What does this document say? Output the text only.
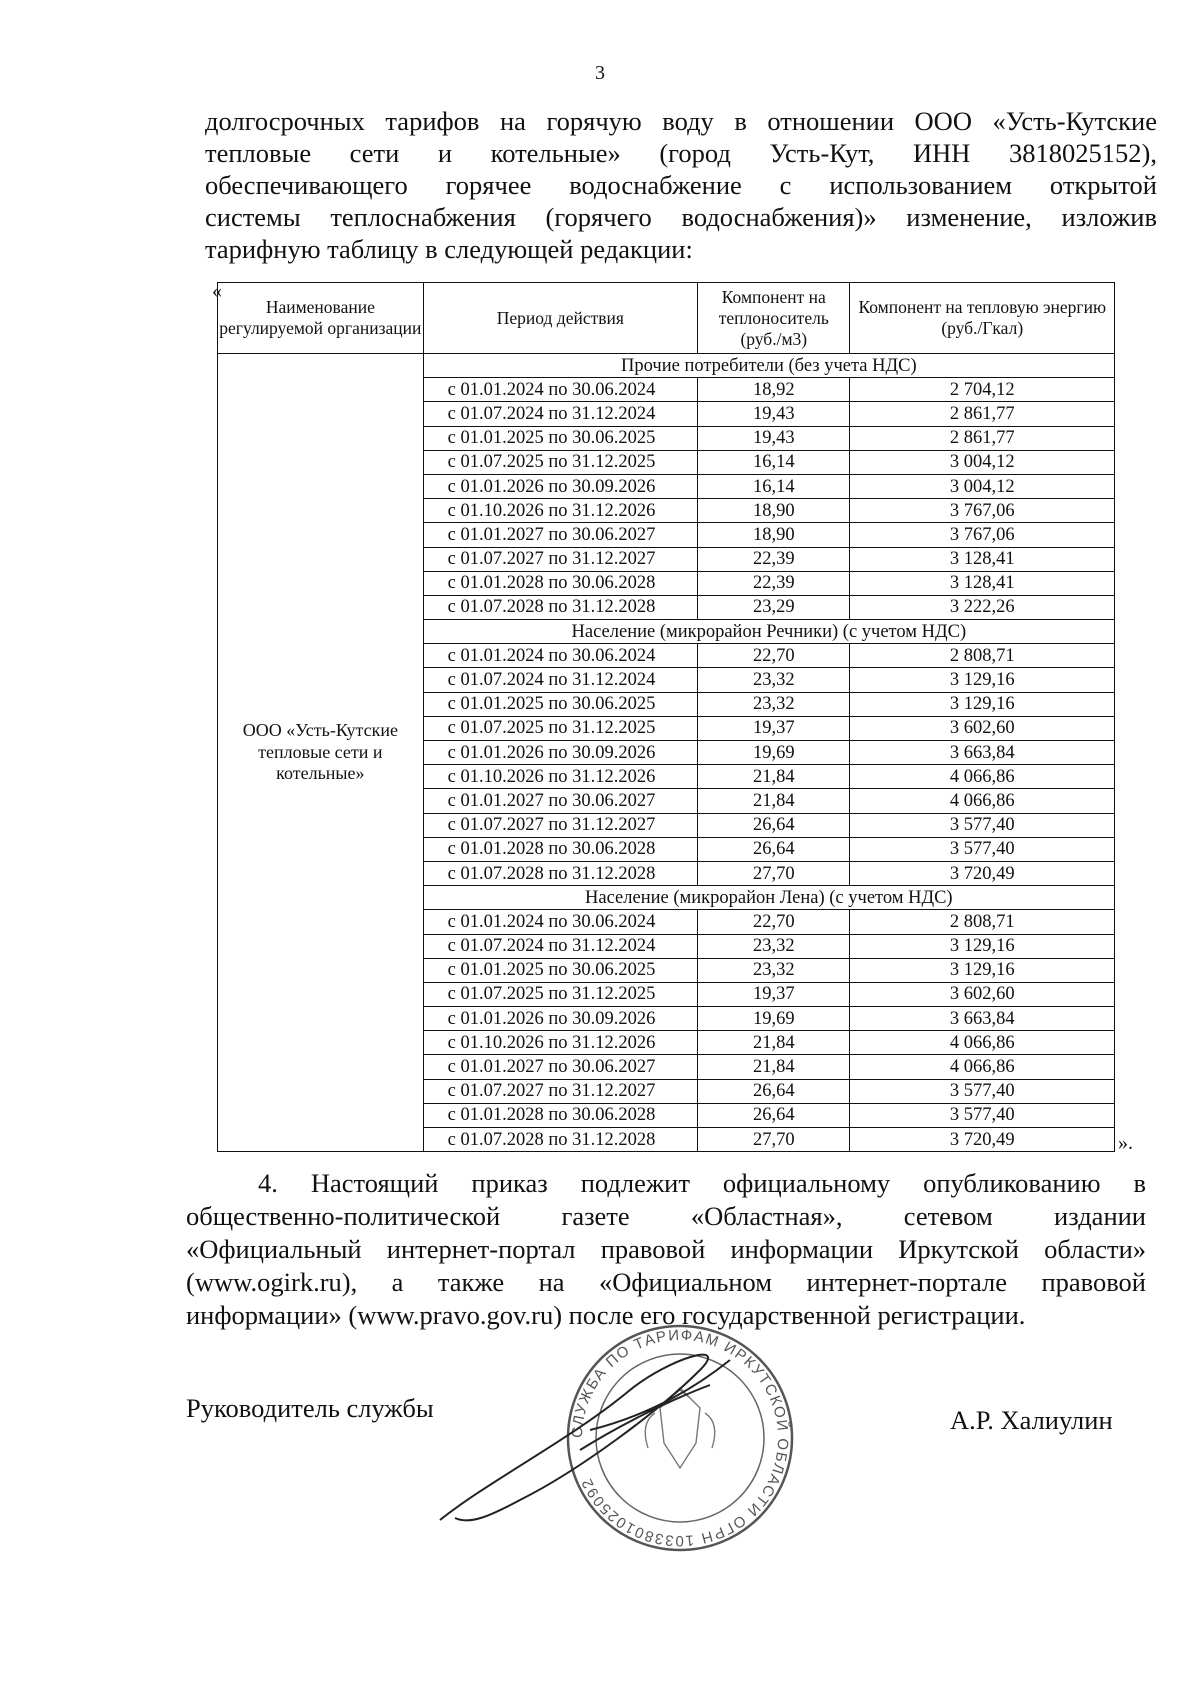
3
долгосрочных тарифов на горячую воду в отношении ООО «Усть-Кутские
тепловые сети и котельные» (город Усть-Кут, ИНН 3818025152),
обеспечивающего горячее водоснабжение с использованием открытой
системы теплоснабжения (горячего водоснабжения)» изменение, изложив
тарифную таблицу в следующей редакции:
«
Наименование регулируемой организации	Период действия	Компонент на теплоноситель (руб./м3)	Компонент на тепловую энергию (руб./Гкал)
ООО «Усть-Кутские тепловые сети и котельные»	Прочие потребители (без учета НДС)		
	с 01.01.2024 по 30.06.2024	18,92	2 704,12
	с 01.07.2024 по 31.12.2024	19,43	2 861,77
	с 01.01.2025 по 30.06.2025	19,43	2 861,77
	с 01.07.2025 по 31.12.2025	16,14	3 004,12
	с 01.01.2026 по 30.09.2026	16,14	3 004,12
	с 01.10.2026 по 31.12.2026	18,90	3 767,06
	с 01.01.2027 по 30.06.2027	18,90	3 767,06
	с 01.07.2027 по 31.12.2027	22,39	3 128,41
	с 01.01.2028 по 30.06.2028	22,39	3 128,41
	с 01.07.2028 по 31.12.2028	23,29	3 222,26
	Население (микрорайон Речники) (с учетом НДС)		
	с 01.01.2024 по 30.06.2024	22,70	2 808,71
	с 01.07.2024 по 31.12.2024	23,32	3 129,16
	с 01.01.2025 по 30.06.2025	23,32	3 129,16
	с 01.07.2025 по 31.12.2025	19,37	3 602,60
	с 01.01.2026 по 30.09.2026	19,69	3 663,84
	с 01.10.2026 по 31.12.2026	21,84	4 066,86
	с 01.01.2027 по 30.06.2027	21,84	4 066,86
	с 01.07.2027 по 31.12.2027	26,64	3 577,40
	с 01.01.2028 по 30.06.2028	26,64	3 577,40
	с 01.07.2028 по 31.12.2028	27,70	3 720,49
	Население (микрорайон Лена) (с учетом НДС)		
	с 01.01.2024 по 30.06.2024	22,70	2 808,71
	с 01.07.2024 по 31.12.2024	23,32	3 129,16
	с 01.01.2025 по 30.06.2025	23,32	3 129,16
	с 01.07.2025 по 31.12.2025	19,37	3 602,60
	с 01.01.2026 по 30.09.2026	19,69	3 663,84
	с 01.10.2026 по 31.12.2026	21,84	4 066,86
	с 01.01.2027 по 30.06.2027	21,84	4 066,86
	с 01.07.2027 по 31.12.2027	26,64	3 577,40
	с 01.01.2028 по 30.06.2028	26,64	3 577,40
	с 01.07.2028 по 31.12.2028	27,70	3 720,49	».
4. Настоящий приказ подлежит официальному опубликованию в
общественно-политической газете «Областная», сетевом издании
«Официальный интернет-портал правовой информации Иркутской области»
(www.ogirk.ru), а также на «Официальном интернет-портале правовой
информации» (www.pravo.gov.ru) после его государственной регистрации.
Руководитель службы
СЛУЖБА ПО ТАРИФАМ ИРКУТСКОЙ ОБЛАСТИ ОГРН 1033801025092
А.Р. Халиулин
